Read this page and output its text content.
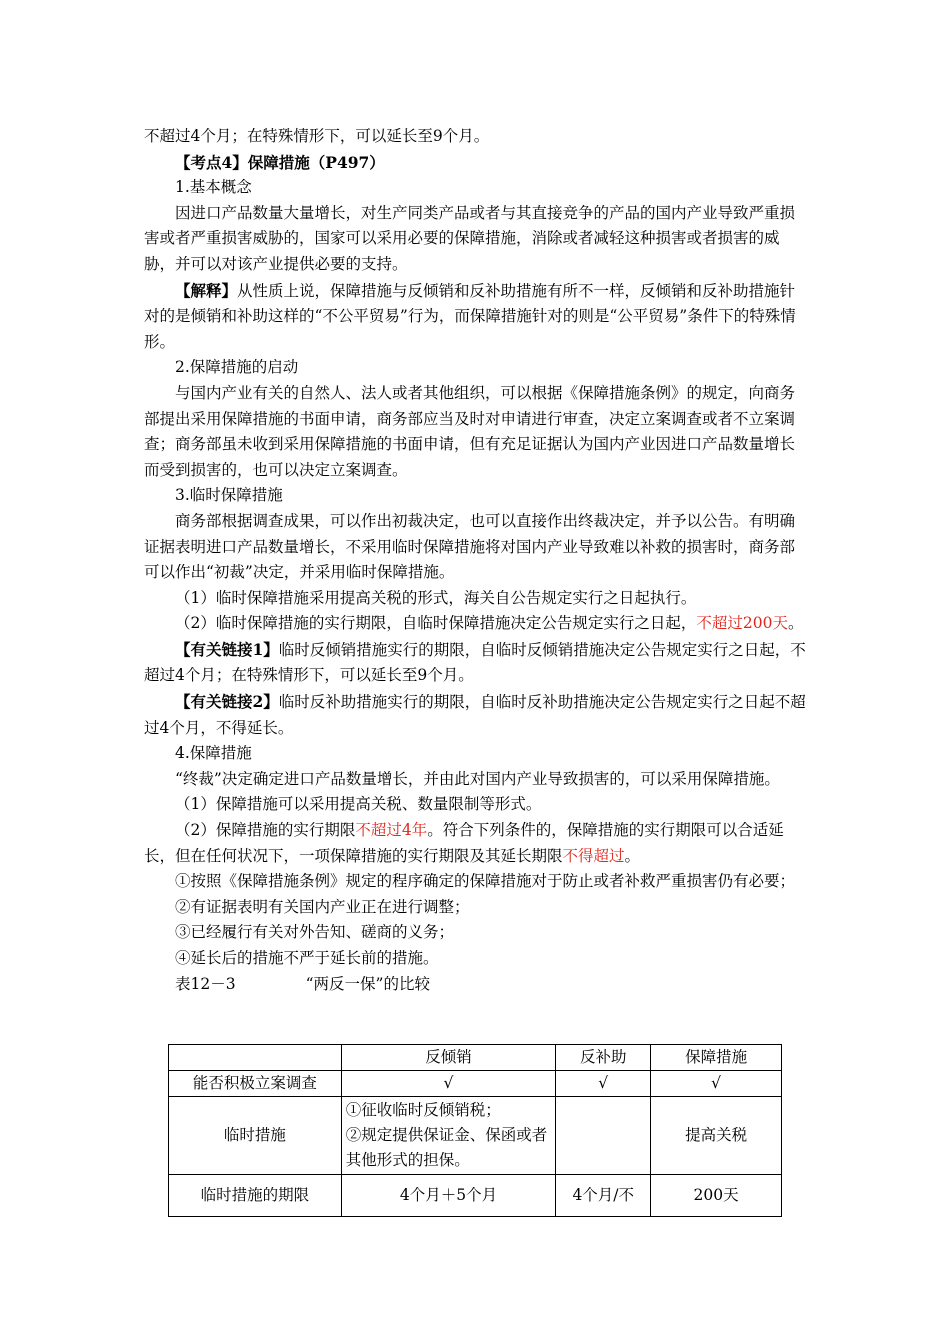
不超过4个月；在特殊情形下，可以延长至9个月。

【考点4】保障措施（P497）

1.基本概念

因进口产品数量大量增长，对生产同类产品或者与其直接竞争的产品的国内产业导致严重损害或者严重损害威胁的，国家可以采用必要的保障措施，消除或者减轻这种损害或者损害的威胁，并可以对该产业提供必要的支持。

【解释】从性质上说，保障措施与反倾销和反补助措施有所不一样，反倾销和反补助措施针对的是倾销和补助这样的“不公平贸易”行为，而保障措施针对的则是“公平贸易”条件下的特殊情形。

2.保障措施的启动

与国内产业有关的自然人、法人或者其他组织，可以根据《保障措施条例》的规定，向商务部提出采用保障措施的书面申请，商务部应当及时对申请进行审查，决定立案调查或者不立案调查；商务部虽未收到采用保障措施的书面申请，但有充足证据认为国内产业因进口产品数量增长而受到损害的，也可以决定立案调查。

3.临时保障措施

商务部根据调查成果，可以作出初裁决定，也可以直接作出终裁决定，并予以公告。有明确证据表明进口产品数量增长，不采用临时保障措施将对国内产业导致难以补救的损害时，商务部可以作出“初裁”决定，并采用临时保障措施。

（1）临时保障措施采用提高关税的形式，海关自公告规定实行之日起执行。

（2）临时保障措施的实行期限，自临时保障措施决定公告规定实行之日起，不超过200天。

【有关链接1】临时反倾销措施实行的期限，自临时反倾销措施决定公告规定实行之日起，不超过4个月；在特殊情形下，可以延长至9个月。

【有关链接2】临时反补助措施实行的期限，自临时反补助措施决定公告规定实行之日起不超过4个月，不得延长。

4.保障措施

“终裁”决定确定进口产品数量增长，并由此对国内产业导致损害的，可以采用保障措施。

（1）保障措施可以采用提高关税、数量限制等形式。

（2）保障措施的实行期限不超过4年。符合下列条件的，保障措施的实行期限可以合适延长，但在任何状况下，一项保障措施的实行期限及其延长期限不得超过。

①按照《保障措施条例》规定的程序确定的保障措施对于防止或者补救严重损害仍有必要；

②有证据表明有关国内产业正在进行调整；

③已经履行有关对外告知、磋商的义务；

④延长后的措施不严于延长前的措施。

表12－3	“两反一保”的比较

	反倾销	反补助	保障措施
能否积极立案调查	√	√	√
临时措施	①征收临时反倾销税；
②规定提供保证金、保函或者其他形式的担保。		提高关税
临时措施的期限	4个月＋5个月	4个月/不	200天
